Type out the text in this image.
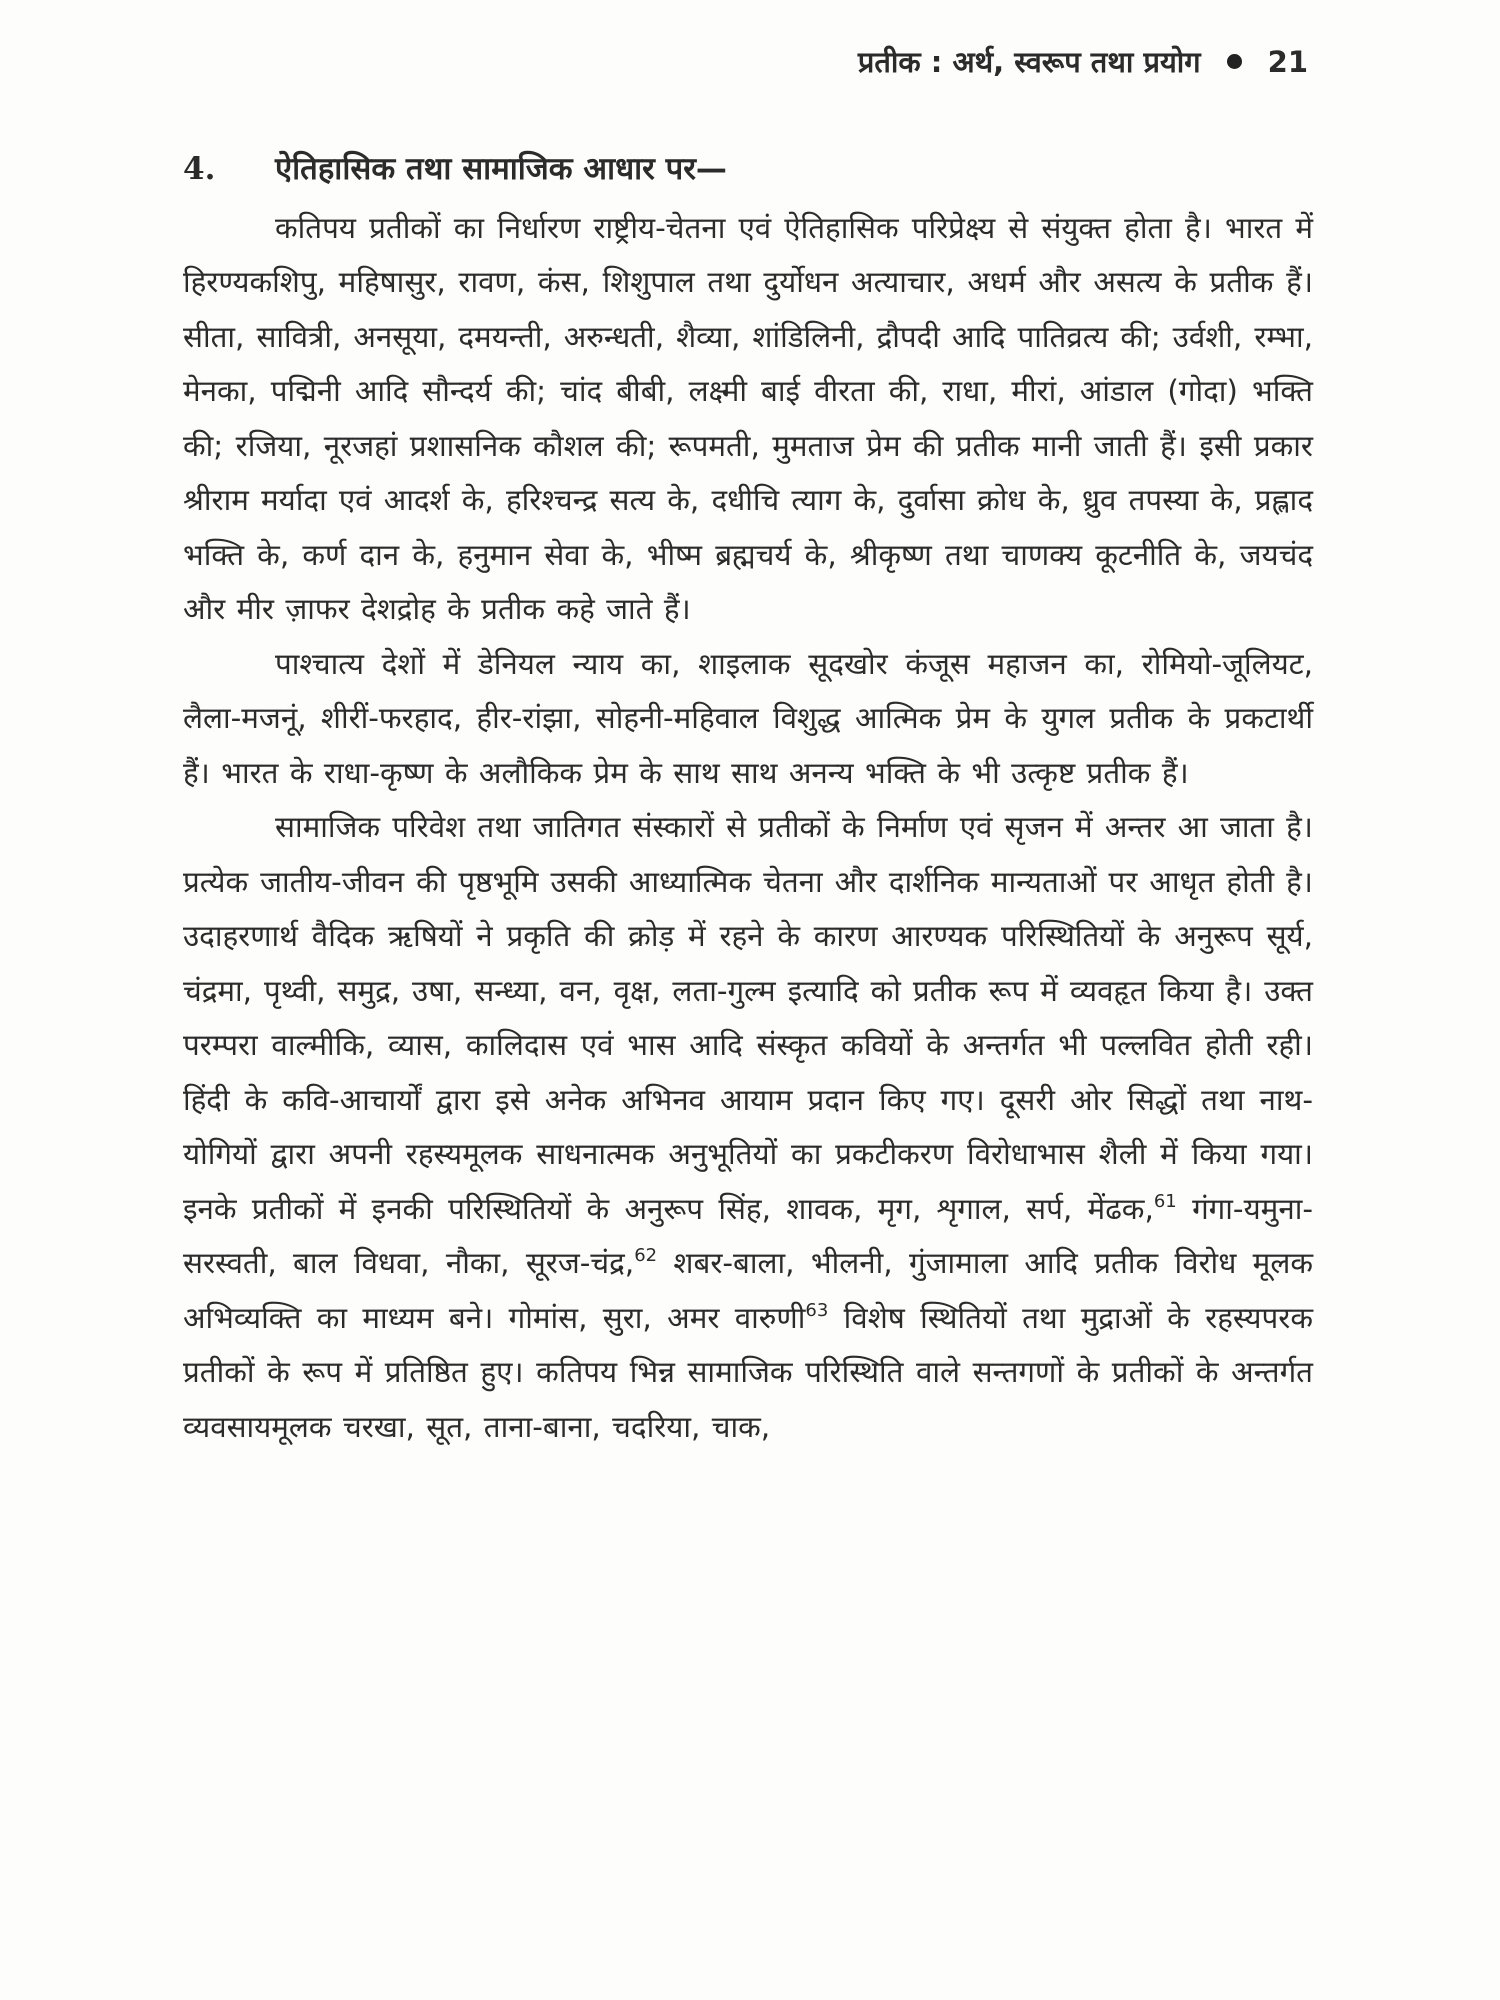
प्रतीक : अर्थ, स्वरूप तथा प्रयोग 21
4. ऐतिहासिक तथा सामाजिक आधार पर—

कतिपय प्रतीकों का निर्धारण राष्ट्रीय-चेतना एवं ऐतिहासिक परिप्रेक्ष्य से संयुक्त होता है। भारत में हिरण्यकशिपु, महिषासुर, रावण, कंस, शिशुपाल तथा दुर्योधन अत्याचार, अधर्म और असत्य के प्रतीक हैं। सीता, सावित्री, अनसूया, दमयन्ती, अरुन्धती, शैव्या, शांडिलिनी, द्रौपदी आदि पातिव्रत्य की; उर्वशी, रम्भा, मेनका, पद्मिनी आदि सौन्दर्य की; चांद बीबी, लक्ष्मी बाई वीरता की, राधा, मीरां, आंडाल (गोदा) भक्ति की; रजिया, नूरजहां प्रशासनिक कौशल की; रूपमती, मुमताज प्रेम की प्रतीक मानी जाती हैं। इसी प्रकार श्रीराम मर्यादा एवं आदर्श के, हरिश्चन्द्र सत्य के, दधीचि त्याग के, दुर्वासा क्रोध के, ध्रुव तपस्या के, प्रह्लाद भक्ति के, कर्ण दान के, हनुमान सेवा के, भीष्म ब्रह्मचर्य के, श्रीकृष्ण तथा चाणक्य कूटनीति के, जयचंद और मीर ज़ाफर देशद्रोह के प्रतीक कहे जाते हैं।

पाश्चात्य देशों में डेनियल न्याय का, शाइलाक सूदखोर कंजूस महाजन का, रोमियो-जूलियट, लैला-मजनूं, शीरीं-फरहाद, हीर-रांझा, सोहनी-महिवाल विशुद्ध आत्मिक प्रेम के युगल प्रतीक के प्रकटार्थी हैं। भारत के राधा-कृष्ण के अलौकिक प्रेम के साथ साथ अनन्य भक्ति के भी उत्कृष्ट प्रतीक हैं।

सामाजिक परिवेश तथा जातिगत संस्कारों से प्रतीकों के निर्माण एवं सृजन में अन्तर आ जाता है। प्रत्येक जातीय-जीवन की पृष्ठभूमि उसकी आध्यात्मिक चेतना और दार्शनिक मान्यताओं पर आधृत होती है। उदाहरणार्थ वैदिक ऋषियों ने प्रकृति की क्रोड़ में रहने के कारण आरण्यक परिस्थितियों के अनुरूप सूर्य, चंद्रमा, पृथ्वी, समुद्र, उषा, सन्ध्या, वन, वृक्ष, लता-गुल्म इत्यादि को प्रतीक रूप में व्यवहृत किया है। उक्त परम्परा वाल्मीकि, व्यास, कालिदास एवं भास आदि संस्कृत कवियों के अन्तर्गत भी पल्लवित होती रही। हिंदी के कवि-आचार्यों द्वारा इसे अनेक अभिनव आयाम प्रदान किए गए। दूसरी ओर सिद्धों तथा नाथ-योगियों द्वारा अपनी रहस्यमूलक साधनात्मक अनुभूतियों का प्रकटीकरण विरोधाभास शैली में किया गया। इनके प्रतीकों में इनकी परिस्थितियों के अनुरूप सिंह, शावक, मृग, शृगाल, सर्प, मेंढक,$^{61}$ गंगा-यमुना-सरस्वती, बाल विधवा, नौका, सूरज-चंद्र,$^{62}$ शबर-बाला, भीलनी, गुंजामाला आदि प्रतीक विरोध मूलक अभिव्यक्ति का माध्यम बने। गोमांस, सुरा, अमर वारुणी$^{63}$ विशेष स्थितियों तथा मुद्राओं के रहस्यपरक प्रतीकों के रूप में प्रतिष्ठित हुए। कतिपय भिन्न सामाजिक परिस्थिति वाले सन्तगणों के प्रतीकों के अन्तर्गत व्यवसायमूलक चरखा, सूत, ताना-बाना, चदरिया, चाक,
